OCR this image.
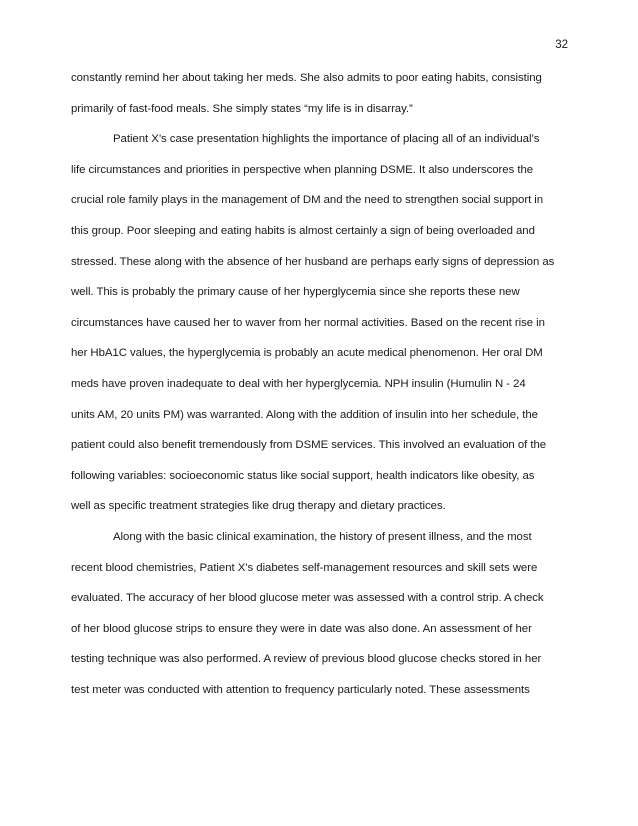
32
constantly remind her about taking her meds. She also admits to poor eating habits, consisting
primarily of fast-food meals. She simply states “my life is in disarray.”
Patient X’s case presentation highlights the importance of placing all of an individual’s
life circumstances and priorities in perspective when planning DSME. It also underscores the
crucial role family plays in the management of DM and the need to strengthen social support in
this group. Poor sleeping and eating habits is almost certainly a sign of being overloaded and
stressed. These along with the absence of her husband are perhaps early signs of depression as
well. This is probably the primary cause of her hyperglycemia since she reports these new
circumstances have caused her to waver from her normal activities. Based on the recent rise in
her HbA1C values, the hyperglycemia is probably an acute medical phenomenon. Her oral DM
meds have proven inadequate to deal with her hyperglycemia. NPH insulin (Humulin N - 24
units AM, 20 units PM) was warranted. Along with the addition of insulin into her schedule, the
patient could also benefit tremendously from DSME services. This involved an evaluation of the
following variables: socioeconomic status like social support, health indicators like obesity, as
well as specific treatment strategies like drug therapy and dietary practices.
Along with the basic clinical examination, the history of present illness, and the most
recent blood chemistries, Patient X’s diabetes self-management resources and skill sets were
evaluated. The accuracy of her blood glucose meter was assessed with a control strip. A check
of her blood glucose strips to ensure they were in date was also done. An assessment of her
testing technique was also performed. A review of previous blood glucose checks stored in her
test meter was conducted with attention to frequency particularly noted. These assessments
